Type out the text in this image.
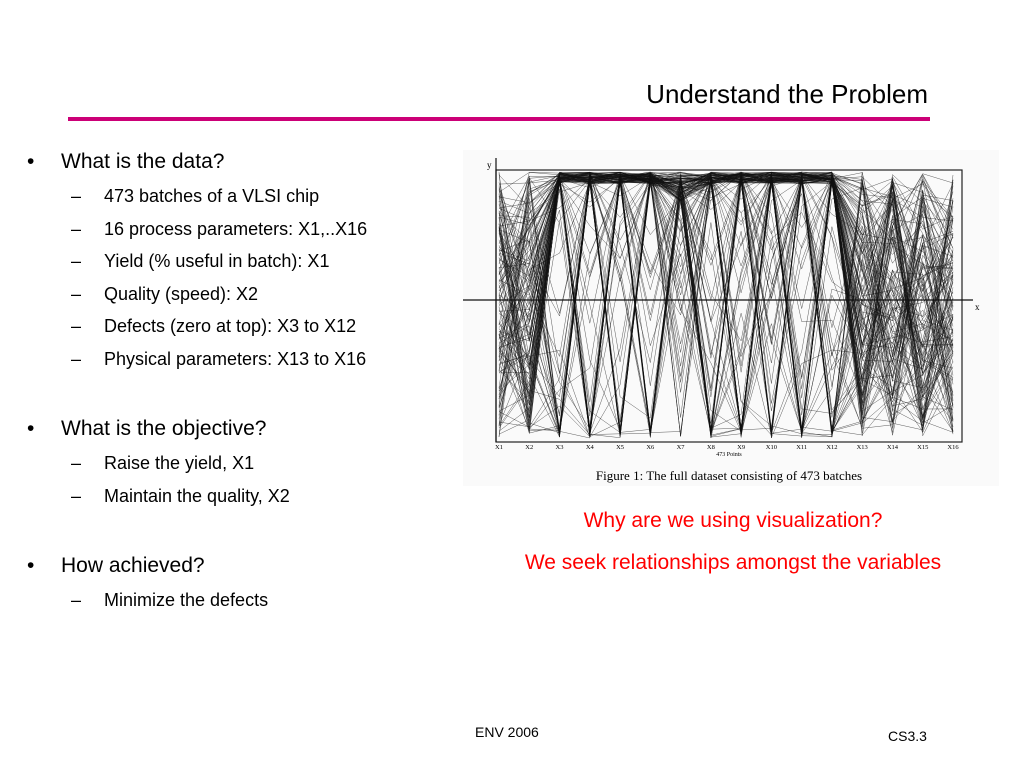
Understand the Problem
• What is the data?
– 473 batches of a VLSI chip
– 16 process parameters: X1,..X16
– Yield (% useful in batch): X1
– Quality (speed): X2
– Defects (zero at top): X3 to X12
– Physical parameters: X13 to X16
• What is the objective?
– Raise the yield, X1
– Maintain the quality, X2
• How achieved?
– Minimize the defects
y
x
X1	X2	X3	X4	X5	X6	X7	X8	X9	X10	X11	X12	X13	X14	X15	X16
473 Points
Figure 1: The full dataset consisting of 473 batches
Why are we using visualization?
We seek relationships amongst the variables
ENV 2006	CS3.3
